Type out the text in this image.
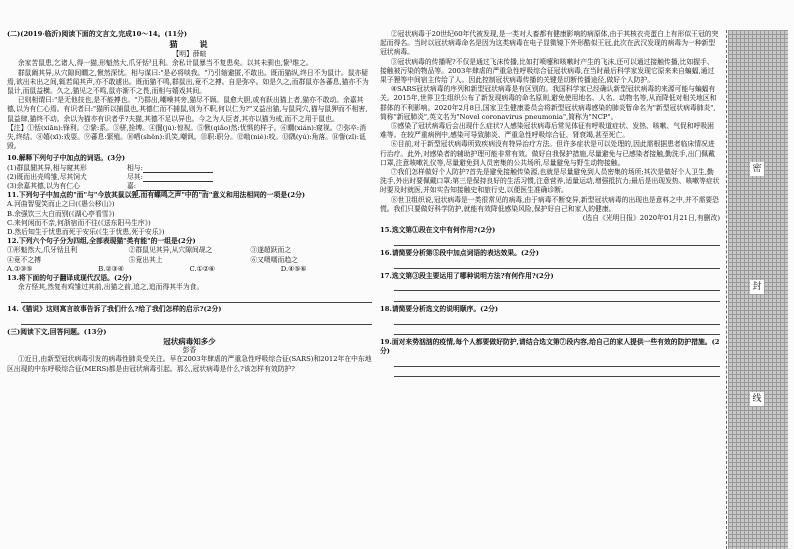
(二)(2019·临沂)阅读下面的文言文,完成10～14。(11分)

猫　　说

【明】薛暄

余家苦鼠患,乞诸人,得一猫,形魁然大,爪牙铦³且利。余私计鼠暴当不复患矣。以其未驯也,絷³维之。

群鼠阚其异,从穴隙间瞯之,愀然深忧。相与谋曰:"是必将啖我。"乃引缩避匿,不敢出。既而猫纵,终日不为鼠计。鼠亦疑焉,欲出未出之间,辄若闻其声,亦不敢遽出。既而猫不鸣,群鼠出,竟不之搏。自是弥卒。如是久之,而群鼠亦各蕃息,猫亦不为鼠计,而鼠益横。久之,猫见之不鸣,鼠亦渐不之畏,而相与嬉戏其间。

已则相谓曰:"是无他技也,是不能搏也。"乃群出,嘲噪其旁,猫尽不顾。鼠愈大胆,或有跃出猫上者,猫亦不敢动。余嘉其德,以为有仁心焉。有识者曰:"猫所以捕鼠也,其德仁而不捕鼠,则为不职,何以仁为?"又益出猫,与鼠同穴,猫与鼠狎而不相害,鼠益肆,猫终不动。余以为猫亦有识者乎?夫猫,其德不足以异也。今之为人臣者,其亦以猫为戒,而不之用于鼠也。

【注】①铦(xiān):锋利。②絷:系。③骈,拴缚。④閴(jú):惊视。⑤愀(qiǎo)然:忧惧的样子。⑥瞯(xián):窥视。⑦弥卒:消失,终结。⑧嬉(xī):戏耍。⑨蕃息:繁殖。⑩哂(shěn):讥笑,嘲讽。⑪职:职分。⑫啮(niè):咬。⑬隅(yú):角落。⑭訾(zǐ):诋毁。

10.解释下列句子中加点的词语。(3分)

(1)群鼠閴其异,相与窥其形	相与:
(2)既而出壳鸣雏,尽其饲犬	尽其:
(3)余嘉其德,以为有仁心	嘉:

11.下列句子中加点的"而"与"今放其鼠以狸,而有蝶鸣之声"中的"而"意义和用法相同的一项是(2分)

A.河曲智叟笑而止之曰(《愚公移山》)

B.余强饮三大白而别(《湖心亭看雪》)

C.来何闲而不亲,何浙宿而不往(《送东阳马生序》)

D.然后知生于忧患而死于安乐(《生于忧患,死于安乐》)

12.下列六个句子分为四组,全部表现猫"类有能"的一组是(2分)

①形魁然大,爪牙铦且利	②群鼠见其异,从穴隙间觇之	③遂超跃而之
④竟不之搏	⑤竟出其上	⑥又嗫嚅而趋之
A.①③⑤	B.②③④	C.①②⑥	D.④⑤⑥

13.将下面的句子翻译成现代汉语。(2分)

余方怪其,然复有鸡雏过其前,出猫之前,追之,追而得其半为食。

14.《猫说》这则寓言故事告诉了我们什么?给了我们怎样的启示?(2分)

(三)阅读下文,回答问题。(13分)

冠状病毒知多少

彭香

①近日,由新型冠状病毒引发的病毒性肺炎受关注。早在2003年肆虐的严重急性呼吸综合征(SARS)和2012年在中东地区出现的中东呼吸综合征(MERS)都是由冠状病毒引起。那么,冠状病毒是什么?该怎样有效防护?

②冠状病毒于20世纪60年代被发现,是一类对人畜都有健康影响的病原体,由于其核衣壳蛋白上有形似王冠的突起而得名。当时以冠状病毒命名是因为这类病毒在电子显微镜下外形酷似王冠,此次在武汉发现的病毒为一种新型冠状病毒。

③冠状病毒的传播呢?不仅是通过飞沫传播,比如打喷嚏和咳嗽时产生的飞沫,还可以通过接触传播,比如握手、接触被污染的物品等。2003年肆虐的严重急性呼吸综合征冠状病毒,在当时最后科学家发现它原来来自蝙蝠,通过果子狸等中间宿主传给了人。因此控制冠状病毒传播的关键是切断传播途径,做好个人防护。

④SARS冠状病毒的序列和新型冠状病毒是有区别的。我国科学家已经确认新型冠状病毒的来源可能与蝙蝠有关。2015年,世界卫生组织公布了新发现病毒的命名原则,避免使用地名、人名、动物名等,从而降低对相关地区和群体的不利影响。2020年2月8日,国家卫生健康委员会将新型冠状病毒感染的肺炎暂命名为"新型冠状病毒肺炎",简称"新冠肺炎",英文名为"Novel coronavirus pneumonia",简称为"NCP"。

⑤感染了冠状病毒后会出现什么症状?人感染冠状病毒后常见体征有呼吸道症状、发热、咳嗽、气促和呼吸困难等。在较严重病例中,感染可导致肺炎、严重急性呼吸综合征、肾衰竭,甚至死亡。

⑥目前,对于新型冠状病毒所致疾病没有特异治疗方法。但许多症状是可以处理的,因此需根据患者临床情况进行治疗。此外,对感染者的辅助护理可能非常有效。做好自我保护措施,尽量避免与已感染者接触,勤洗手,出门佩戴口罩,注意咳嗽礼仪等,尽量避免到人员密集的公共场所,尽量避免与野生动物接触。

⑦我们怎样做好个人防护?首先是避免接触传染源,也就是尽量避免到人员密集的场所;其次是做好个人卫生,勤洗手,外出时要佩戴口罩;第三是保持良好的生活习惯,注意营养,适量运动,增强抵抗力;最后是出现发热、咳嗽等症状时要及时就医,并如实告知接触史和旅行史,以便医生准确诊断。

⑧世卫组织说,冠状病毒是一类很常见的病毒,由于病毒不断变异,新型冠状病毒的出现也是意料之中,并不需要恐慌。我们只要做好科学防护,就能有效降低感染风险,保护好自己和家人的健康。

(选自《光明日报》2020年01月21日,有删改)

15.选文第①段在文中有何作用?(2分)

16.请简要分析第⑤段中加点词语的表达效果。(2分)

17.选文第③段主要运用了哪种说明方法?有何作用?(2分)

18.请简要分析选文的说明顺序。(2分)

19.面对来势汹汹的疫情,每个人都要做好防护,请结合选文第⑦段内容,给自己的家人提供一些有效的防护措施。(2分)

密
封
线
